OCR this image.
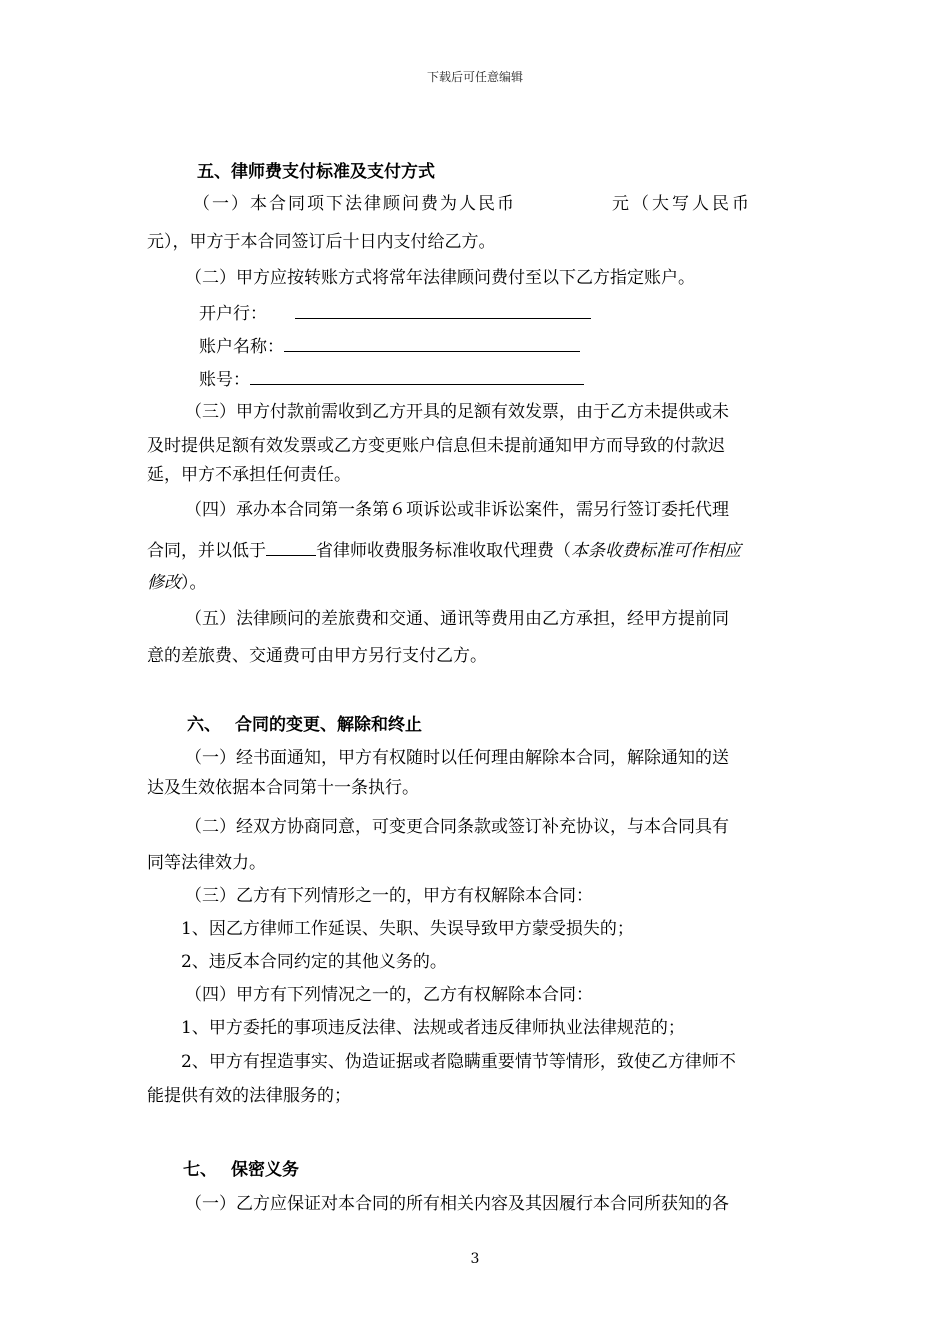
下载后可任意编辑
五、律师费支付标准及支付方式
（一）本合同项下法律顾问费为人民币	元（大写人民币
元），甲方于本合同签订后十日内支付给乙方。
（二）甲方应按转账方式将常年法律顾问费付至以下乙方指定账户。
开户行：
账户名称：
账号：
（三）甲方付款前需收到乙方开具的足额有效发票，由于乙方未提供或未
及时提供足额有效发票或乙方变更账户信息但未提前通知甲方而导致的付款迟
延，甲方不承担任何责任。
（四）承办本合同第一条第６项诉讼或非诉讼案件，需另行签订委托代理
合同，并以低于	省律师收费服务标准收取代理费（本条收费标准可作相应
修改）。
（五）法律顾问的差旅费和交通、通讯等费用由乙方承担，经甲方提前同
意的差旅费、交通费可由甲方另行支付乙方。
六、 合同的变更、解除和终止
（一）经书面通知，甲方有权随时以任何理由解除本合同，解除通知的送
达及生效依据本合同第十一条执行。
（二）经双方协商同意，可变更合同条款或签订补充协议，与本合同具有
同等法律效力。
（三）乙方有下列情形之一的，甲方有权解除本合同：
1、因乙方律师工作延误、失职、失误导致甲方蒙受损失的；
2、违反本合同约定的其他义务的。
（四）甲方有下列情况之一的，乙方有权解除本合同：
1、甲方委托的事项违反法律、法规或者违反律师执业法律规范的；
2、甲方有捏造事实、伪造证据或者隐瞒重要情节等情形，致使乙方律师不
能提供有效的法律服务的；
七、 保密义务
（一）乙方应保证对本合同的所有相关内容及其因履行本合同所获知的各
3
